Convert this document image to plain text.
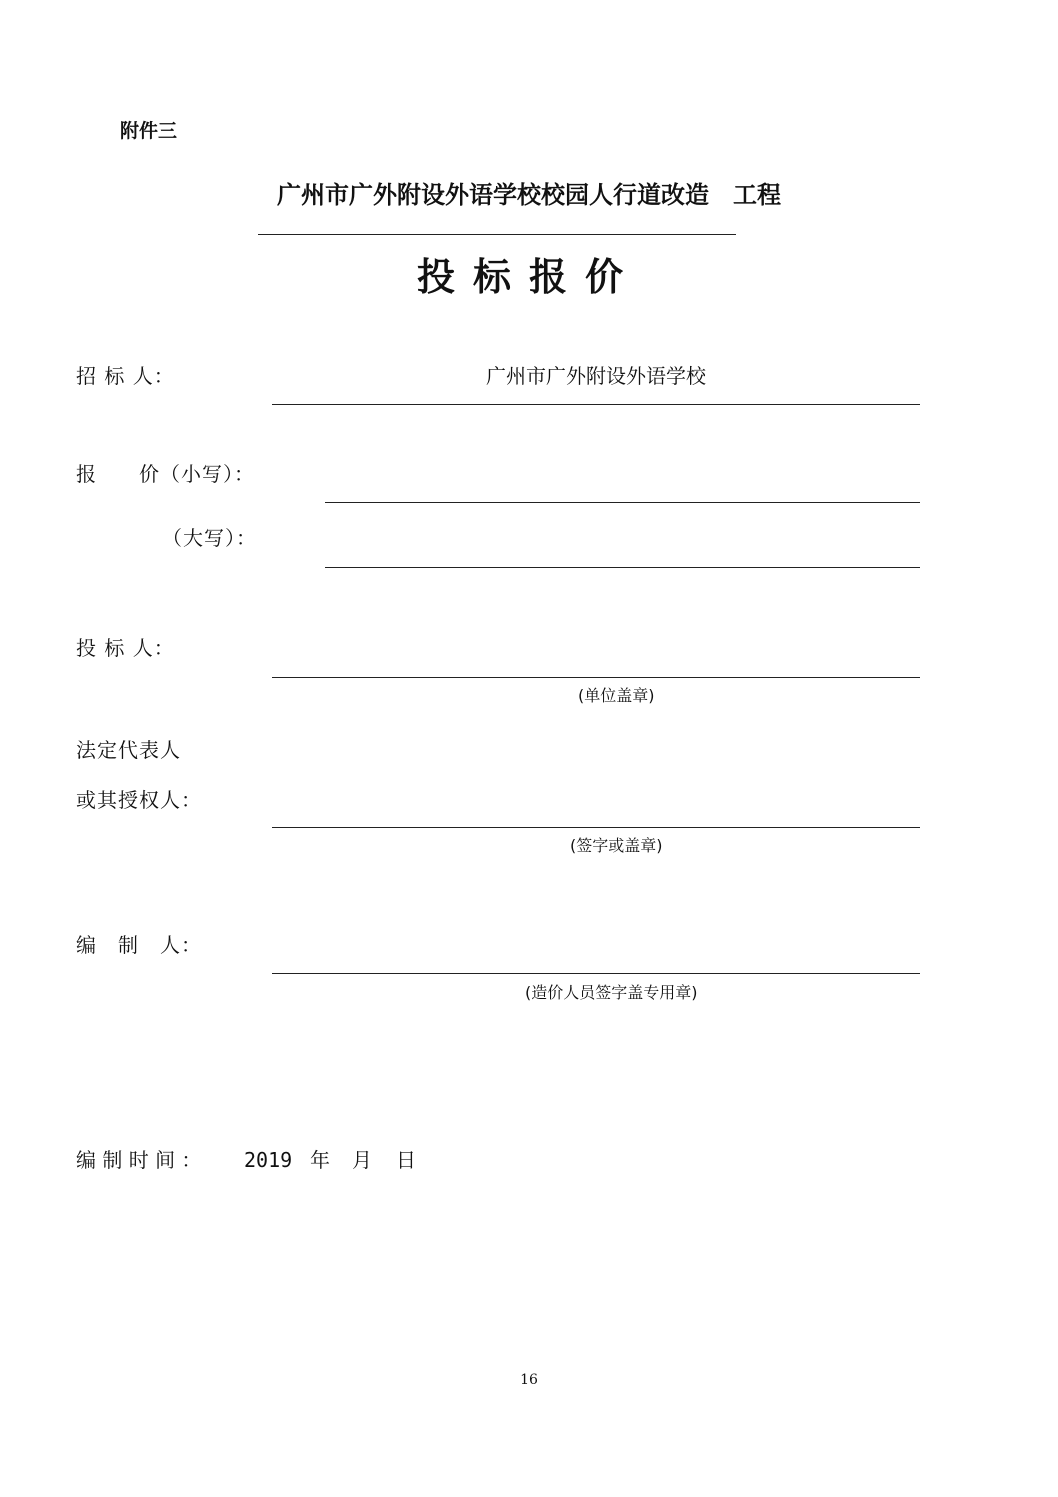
附件三
广州市广外附设外语学校校园人行道改造　工程
投标报价
招 标 人：	广州市广外附设外语学校
报　　价（小写）：
（大写）：
投 标 人：
(单位盖章)
法定代表人
或其授权人：
(签字或盖章)
编　制　人：
(造价人员签字盖专用章)
编 制 时 间 ： 2019 年 月 日
16
